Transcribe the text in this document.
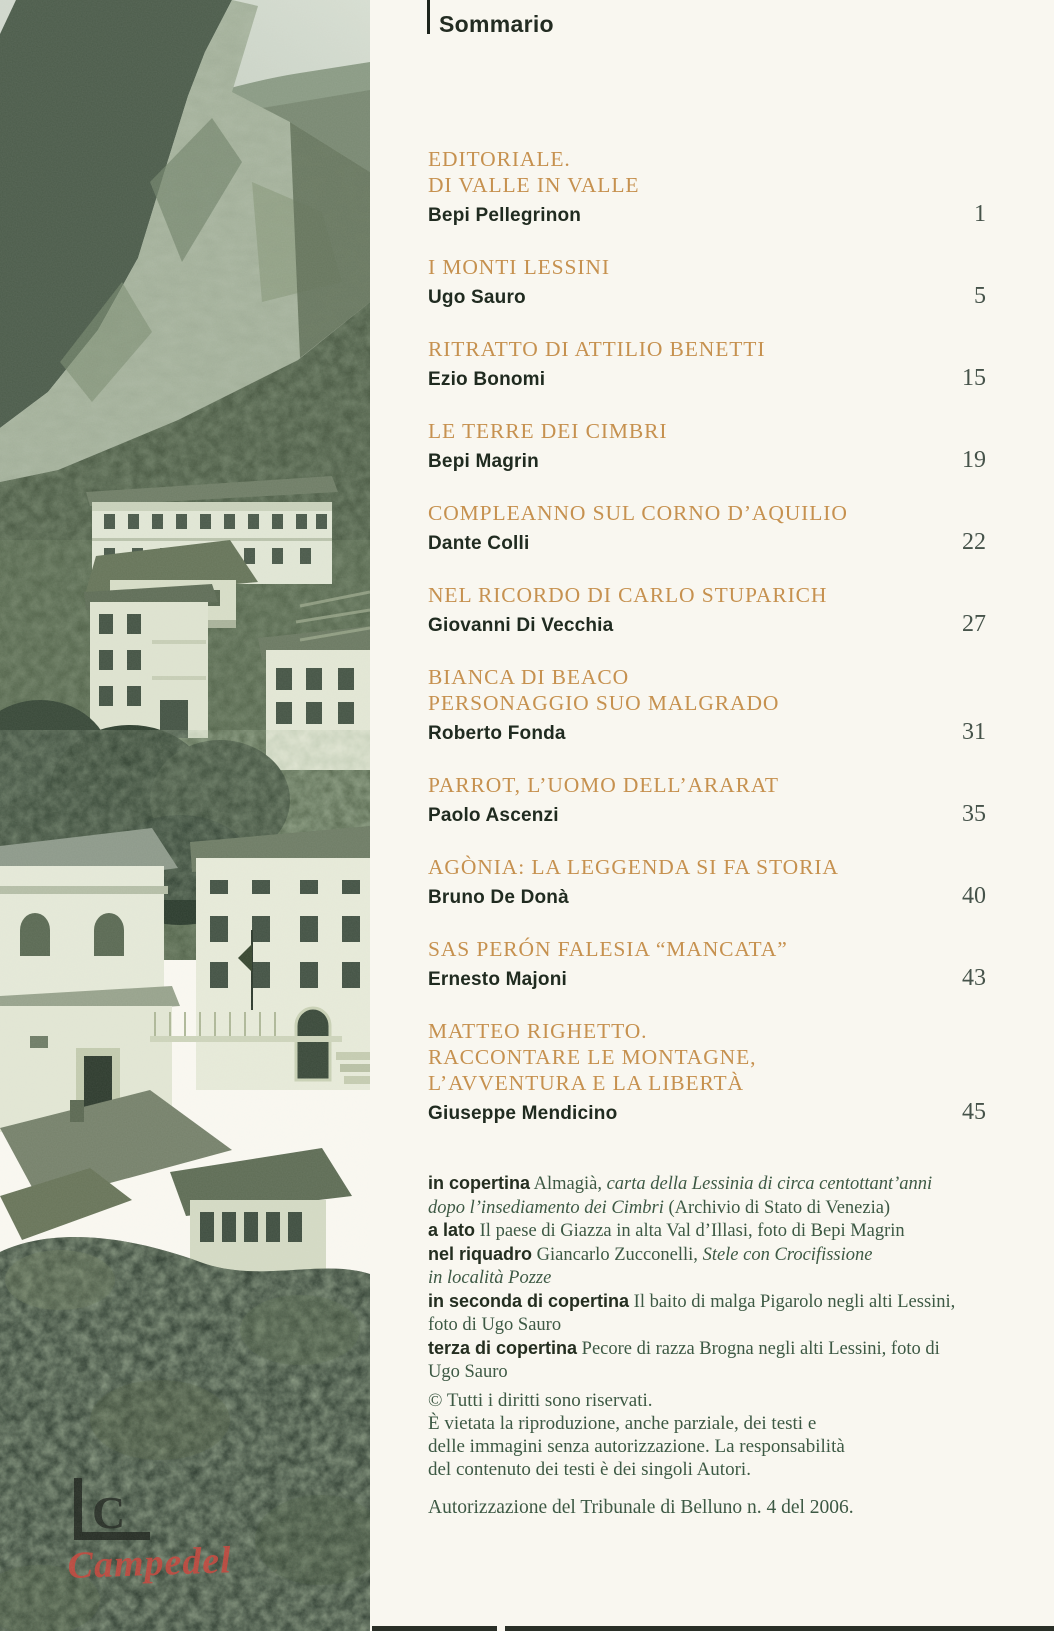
C
Campedel
Sommario
EDITORIALE.
DI VALLE IN VALLE
Bepi Pellegrinon	1
I MONTI LESSINI
Ugo Sauro	5
RITRATTO DI ATTILIO BENETTI
Ezio Bonomi	15
LE TERRE DEI CIMBRI
Bepi Magrin	19
COMPLEANNO SUL CORNO D’AQUILIO
Dante Colli	22
NEL RICORDO DI CARLO STUPARICH
Giovanni Di Vecchia	27
BIANCA DI BEACO
PERSONAGGIO SUO MALGRADO
Roberto Fonda	31
PARROT, L’UOMO DELL’ARARAT
Paolo Ascenzi	35
AGÒNIA: LA LEGGENDA SI FA STORIA
Bruno De Donà	40
SAS PERÓN FALESIA “MANCATA”
Ernesto Majoni	43
MATTEO RIGHETTO.
RACCONTARE LE MONTAGNE,
L’AVVENTURA E LA LIBERTÀ
Giuseppe Mendicino	45
in copertina Almagià, carta della Lessinia di circa centottant’anni
dopo l’insediamento dei Cimbri (Archivio di Stato di Venezia)
a lato Il paese di Giazza in alta Val d’Illasi, foto di Bepi Magrin
nel riquadro Giancarlo Zucconelli, Stele con Crocifissione
in località Pozze
in seconda di copertina Il baito di malga Pigarolo negli alti Lessini,
foto di Ugo Sauro
terza di copertina Pecore di razza Brogna negli alti Lessini, foto di
Ugo Sauro
© Tutti i diritti sono riservati.
È vietata la riproduzione, anche parziale, dei testi e
delle immagini senza autorizzazione. La responsabilità
del contenuto dei testi è dei singoli Autori.
Autorizzazione del Tribunale di Belluno n. 4 del 2006.
